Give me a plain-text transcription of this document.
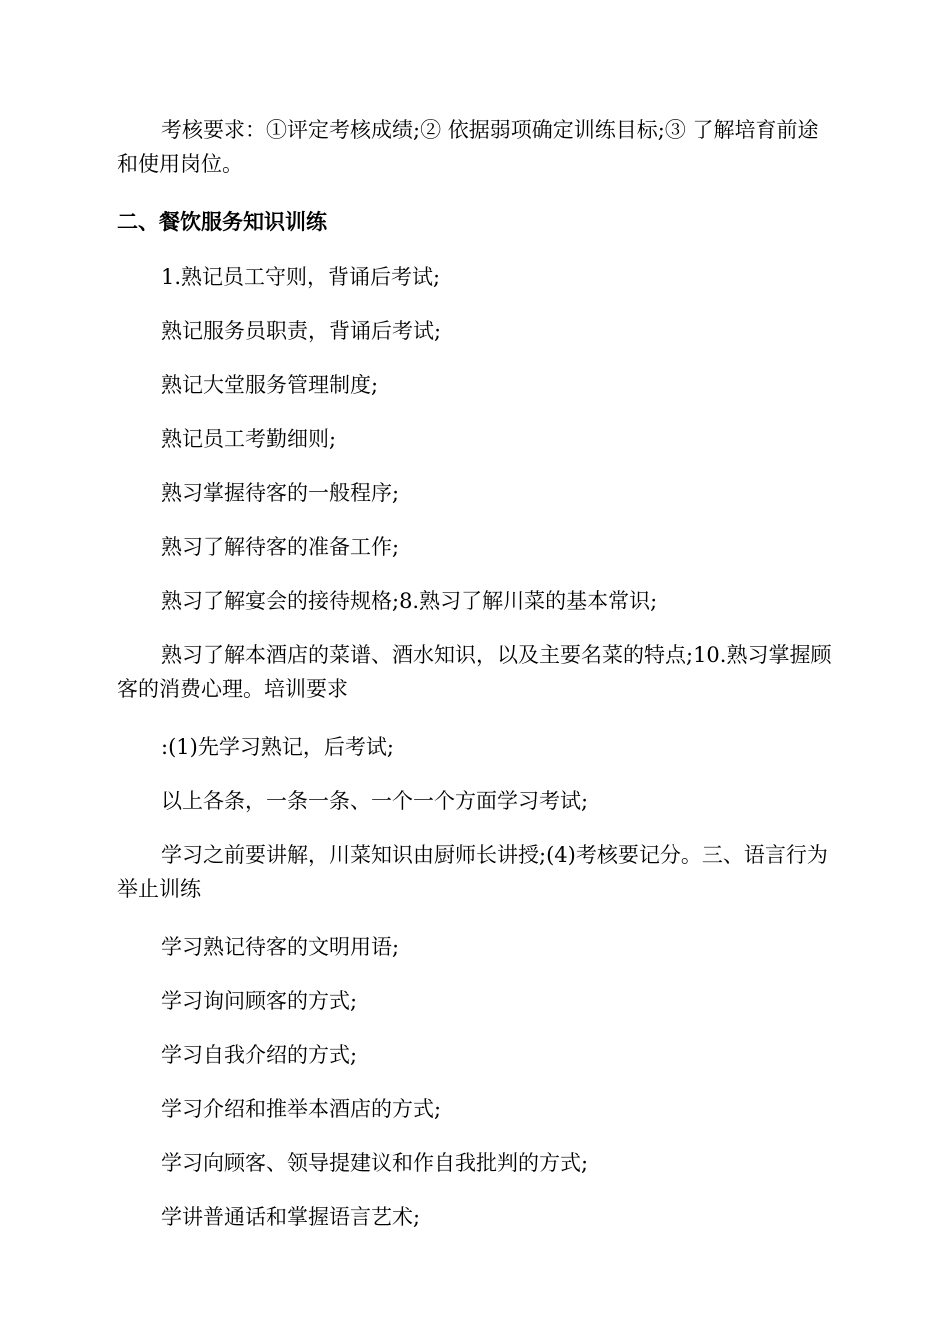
考核要求：①评定考核成绩;② 依据弱项确定训练目标;③ 了解培育前途和使用岗位。
二、餐饮服务知识训练
1.熟记员工守则，背诵后考试;
熟记服务员职责，背诵后考试;
熟记大堂服务管理制度;
熟记员工考勤细则;
熟习掌握待客的一般程序;
熟习了解待客的准备工作;
熟习了解宴会的接待规格;8.熟习了解川菜的基本常识;
熟习了解本酒店的菜谱、酒水知识，以及主要名菜的特点;10.熟习掌握顾客的消费心理。培训要求
:(1)先学习熟记，后考试;
以上各条，一条一条、一个一个方面学习考试;
学习之前要讲解，川菜知识由厨师长讲授;(4)考核要记分。三、语言行为举止训练
学习熟记待客的文明用语;
学习询问顾客的方式;
学习自我介绍的方式;
学习介绍和推举本酒店的方式;
学习向顾客、领导提建议和作自我批判的方式;
学讲普通话和掌握语言艺术;
